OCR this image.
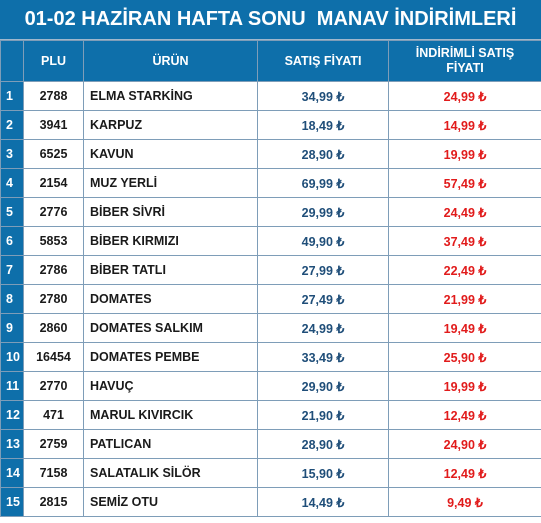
01-02 HAZİRAN HAFTA SONU  MANAV İNDİRİMLERİ
	PLU	ÜRÜN	SATIŞ FİYATI	İNDİRİMLİ SATIŞ
FİYATI
1	2788	ELMA STARKİNG	34,99 ₺	24,99 ₺
2	3941	KARPUZ	18,49 ₺	14,99 ₺
3	6525	KAVUN	28,90 ₺	19,99 ₺
4	2154	MUZ YERLİ	69,99 ₺	57,49 ₺
5	2776	BİBER SİVRİ	29,99 ₺	24,49 ₺
6	5853	BİBER KIRMIZI	49,90 ₺	37,49 ₺
7	2786	BİBER TATLI	27,99 ₺	22,49 ₺
8	2780	DOMATES	27,49 ₺	21,99 ₺
9	2860	DOMATES SALKIM	24,99 ₺	19,49 ₺
10	16454	DOMATES PEMBE	33,49 ₺	25,90 ₺
11	2770	HAVUÇ	29,90 ₺	19,99 ₺
12	471	MARUL KIVIRCIK	21,90 ₺	12,49 ₺
13	2759	PATLICAN	28,90 ₺	24,90 ₺
14	7158	SALATALIK SİLÖR	15,90 ₺	12,49 ₺
15	2815	SEMİZ OTU	14,49 ₺	9,49 ₺
